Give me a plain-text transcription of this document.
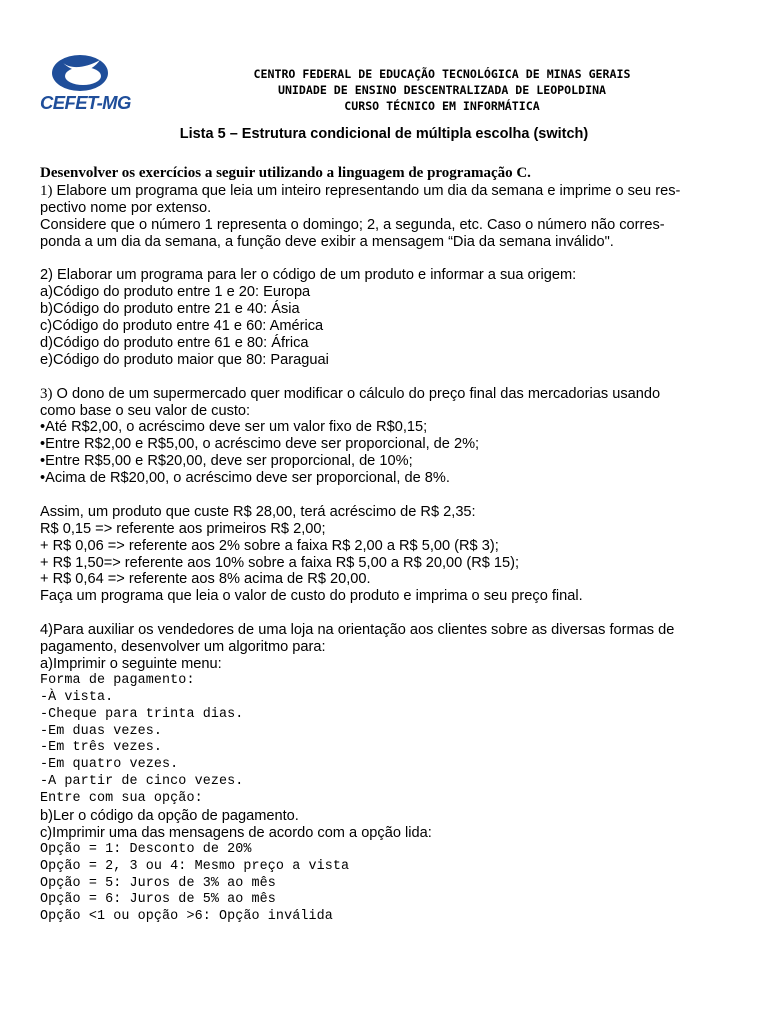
CEFET-MG
CENTRO FEDERAL DE EDUCAÇÃO TECNOLÓGICA DE MINAS GERAIS
UNIDADE DE ENSINO DESCENTRALIZADA DE LEOPOLDINA
CURSO TÉCNICO EM INFORMÁTICA
Lista 5 – Estrutura condicional de múltipla escolha (switch)
Desenvolver os exercícios a seguir utilizando a linguagem de programação C.
1) Elabore um programa que leia um inteiro representando um dia da semana e imprime o seu res-
pectivo nome por extenso.
Considere que o número 1 representa o domingo; 2, a segunda, etc. Caso o número não corres-
ponda a um dia da semana, a função deve exibir a mensagem “Dia da semana inválido".
2) Elaborar um programa para ler o código de um produto e informar a sua origem:
a)Código do produto entre 1 e 20: Europa
b)Código do produto entre 21 e 40: Ásia
c)Código do produto entre 41 e 60: América
d)Código do produto entre 61 e 80: África
e)Código do produto maior que 80: Paraguai
3) O dono de um supermercado quer modificar o cálculo do preço final das mercadorias usando
como base o seu valor de custo:
•Até R$2,00, o acréscimo deve ser um valor fixo de R$0,15;
•Entre R$2,00 e R$5,00, o acréscimo deve ser proporcional, de 2%;
•Entre R$5,00 e R$20,00, deve ser proporcional, de 10%;
•Acima de R$20,00, o acréscimo deve ser proporcional, de 8%.
Assim, um produto que custe R$ 28,00, terá acréscimo de R$ 2,35:
R$ 0,15 => referente aos primeiros R$ 2,00;
+ R$ 0,06 => referente aos 2% sobre a faixa R$ 2,00 a R$ 5,00 (R$ 3);
+ R$ 1,50=> referente aos 10% sobre a faixa R$ 5,00 a R$ 20,00 (R$ 15);
+ R$ 0,64 => referente aos 8% acima de R$ 20,00.
Faça um programa que leia o valor de custo do produto e imprima o seu preço final.
4)Para auxiliar os vendedores de uma loja na orientação aos clientes sobre as diversas formas de
pagamento, desenvolver um algoritmo para:
a)Imprimir o seguinte menu:
Forma de pagamento:
-À vista.
-Cheque para trinta dias.
-Em duas vezes.
-Em três vezes.
-Em quatro vezes.
-A partir de cinco vezes.
Entre com sua opção:
b)Ler o código da opção de pagamento.
c)Imprimir uma das mensagens de acordo com a opção lida:
Opção = 1: Desconto de 20%
Opção = 2, 3 ou 4: Mesmo preço a vista
Opção = 5: Juros de 3% ao mês
Opção = 6: Juros de 5% ao mês
Opção <1 ou opção >6: Opção inválida
